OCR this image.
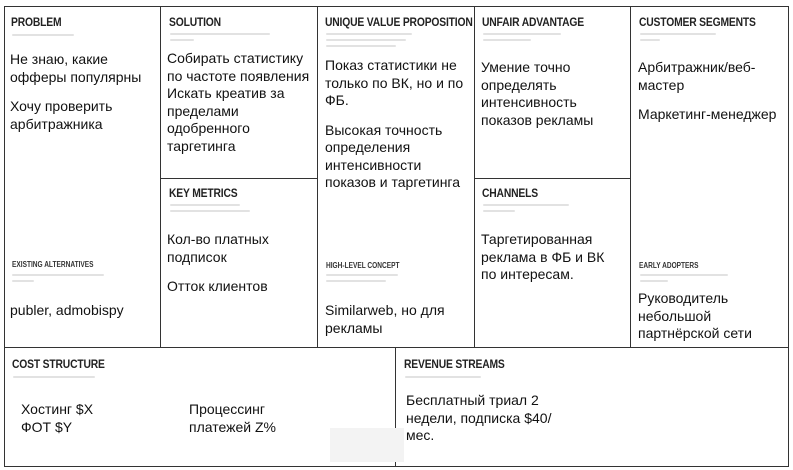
PROBLEM

Не знаю, какие офферы популярны

Хочу проверить арбитражника

EXISTING ALTERNATIVES
publer, admobispy
SOLUTION

Собирать статистику по частоте появления

Искать креатив за пределами одобренного таргетинга

KEY METRICS

Кол-во платных подписок

Отток клиентов

UNIQUE VALUE PROPOSITION

Показ статистики не только по ВК, но и по ФБ.

Высокая точность определения интенсивности показов и таргетинга

HIGH-LEVEL CONCEPT
Similarweb, но для рекламы
UNFAIR ADVANTAGE
Умение точно определять интенсивность показов рекламы
CHANNELS
Таргетированная реклама в ФБ и ВК по интересам.
CUSTOMER SEGMENTS

Арбитражник/веб-мастер

Маркетинг-менеджер

EARLY ADOPTERS
Руководитель небольшой партнёрской сети
COST STRUCTURE

Хостинг $X

ФОТ $Y

Процессинг платежей Z%
REVENUE STREAMS
Бесплатный триал 2 недели, подписка $40/мес.
